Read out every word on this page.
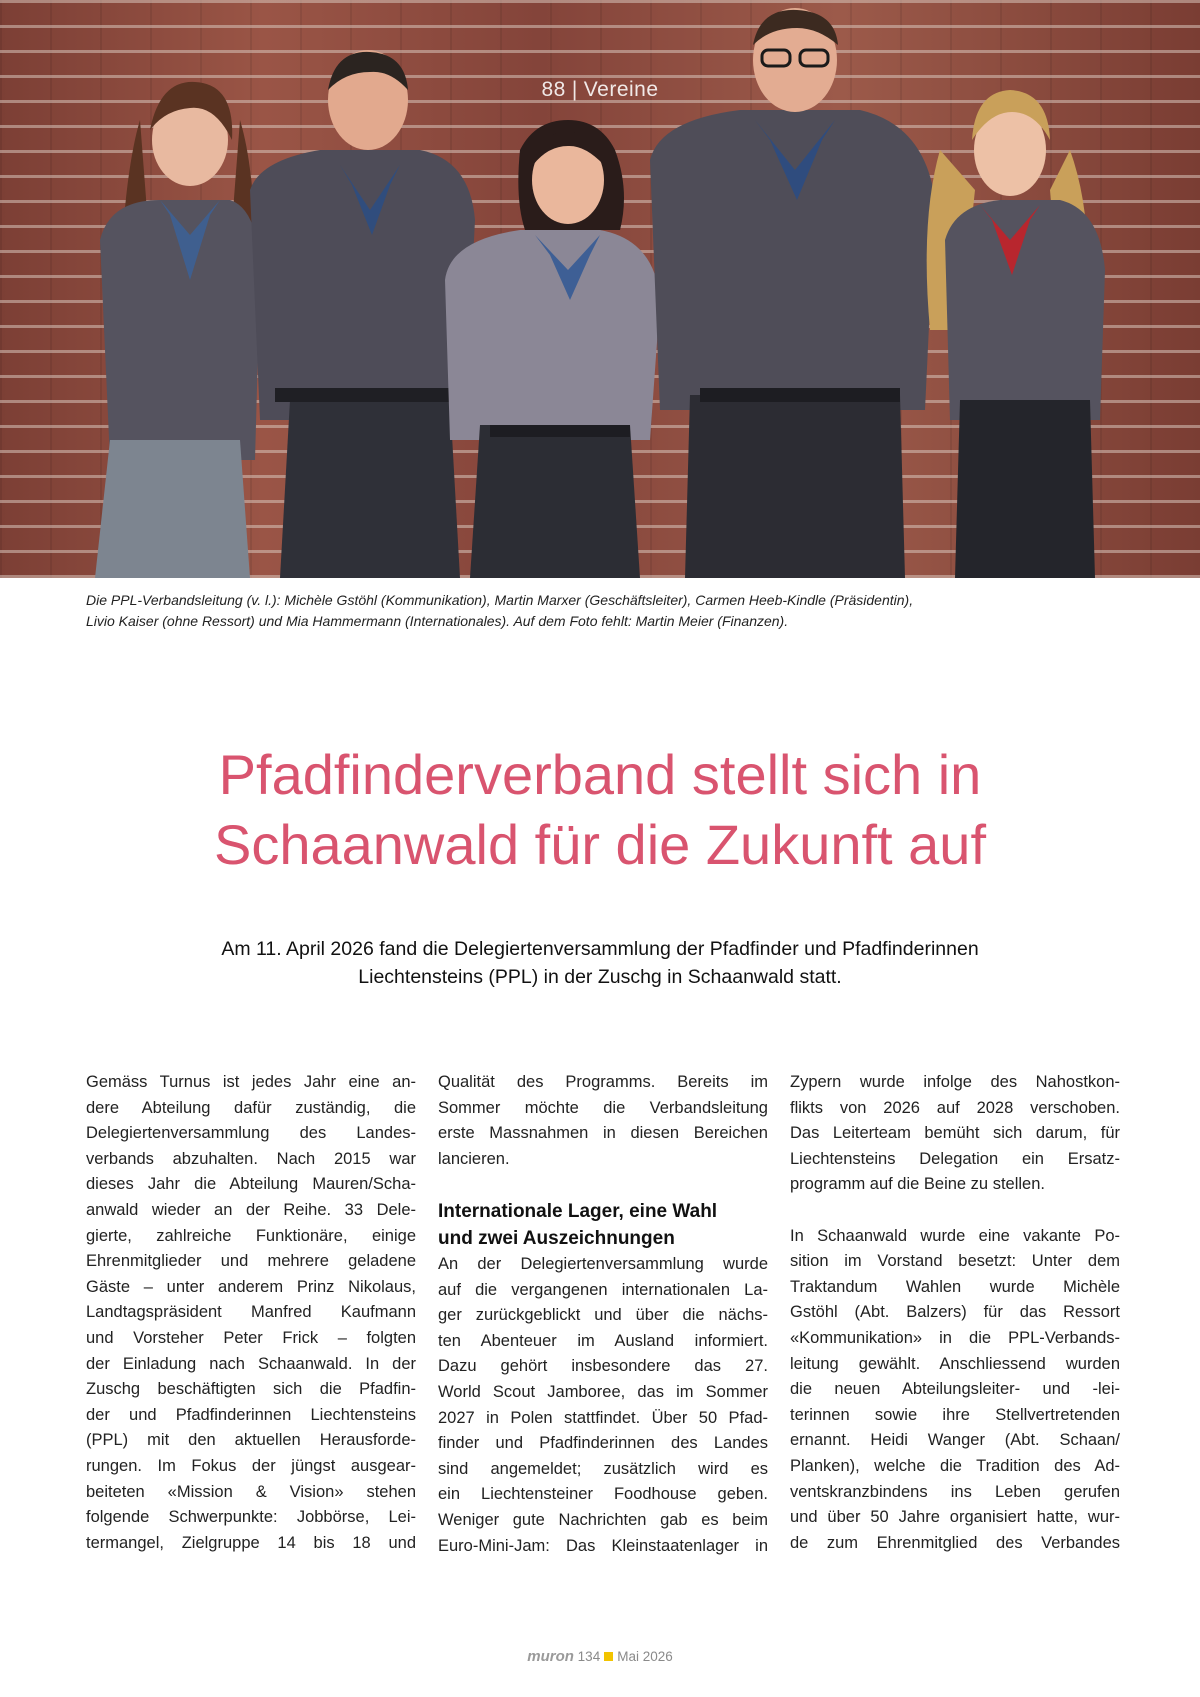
88 | Vereine
Die PPL-Verbandsleitung (v. l.): Michèle Gstöhl (Kommunikation), Martin Marxer (Geschäftsleiter), Carmen Heeb-Kindle (Präsidentin),
Livio Kaiser (ohne Ressort) und Mia Hammermann (Internationales). Auf dem Foto fehlt: Martin Meier (Finanzen).
Pfadfinderverband stellt sich in
Schaanwald für die Zukunft auf
Am 11. April 2026 fand die Delegiertenversammlung der Pfadfinder und Pfadfinderinnen
Liechtensteins (PPL) in der Zuschg in Schaanwald statt.
Gemäss Turnus ist jedes Jahr eine an-
dere Abteilung dafür zuständig, die
Delegiertenversammlung des Landes-
verbands abzuhalten. Nach 2015 war
dieses Jahr die Abteilung Mauren/Scha-
anwald wieder an der Reihe. 33 Dele-
gierte, zahlreiche Funktionäre, einige
Ehrenmitglieder und mehrere geladene
Gäste – unter anderem Prinz Nikolaus,
Landtagspräsident Manfred Kaufmann
und Vorsteher Peter Frick – folgten
der Einladung nach Schaanwald. In der
Zuschg beschäftigten sich die Pfadfin-
der und Pfadfinderinnen Liechtensteins
(PPL) mit den aktuellen Herausforde-
rungen. Im Fokus der jüngst ausgear-
beiteten «Mission & Vision» stehen
folgende Schwerpunkte: Jobbörse, Lei-
termangel, Zielgruppe 14 bis 18 und
Qualität des Programms. Bereits im
Sommer möchte die Verbandsleitung
erste Massnahmen in diesen Bereichen
lancieren.
Internationale Lager, eine Wahl
und zwei Auszeichnungen
An der Delegiertenversammlung wurde
auf die vergangenen internationalen La-
ger zurückgeblickt und über die nächs-
ten Abenteuer im Ausland informiert.
Dazu gehört insbesondere das 27.
World Scout Jamboree, das im Sommer
2027 in Polen stattfindet. Über 50 Pfad-
finder und Pfadfinderinnen des Landes
sind angemeldet; zusätzlich wird es
ein Liechtensteiner Foodhouse geben.
Weniger gute Nachrichten gab es beim
Euro-Mini-Jam: Das Kleinstaatenlager in
Zypern wurde infolge des Nahostkon-
flikts von 2026 auf 2028 verschoben.
Das Leiterteam bemüht sich darum, für
Liechtensteins Delegation ein Ersatz-
programm auf die Beine zu stellen.
In Schaanwald wurde eine vakante Po-
sition im Vorstand besetzt: Unter dem
Traktandum Wahlen wurde Michèle
Gstöhl (Abt. Balzers) für das Ressort
«Kommunikation» in die PPL-Verbands-
leitung gewählt. Anschliessend wurden
die neuen Abteilungsleiter- und -lei-
terinnen sowie ihre Stellvertretenden
ernannt. Heidi Wanger (Abt. Schaan/
Planken), welche die Tradition des Ad-
ventskranzbindens ins Leben gerufen
und über 50 Jahre organisiert hatte, wur-
de zum Ehrenmitglied des Verbandes
muron 134 Mai 2026
